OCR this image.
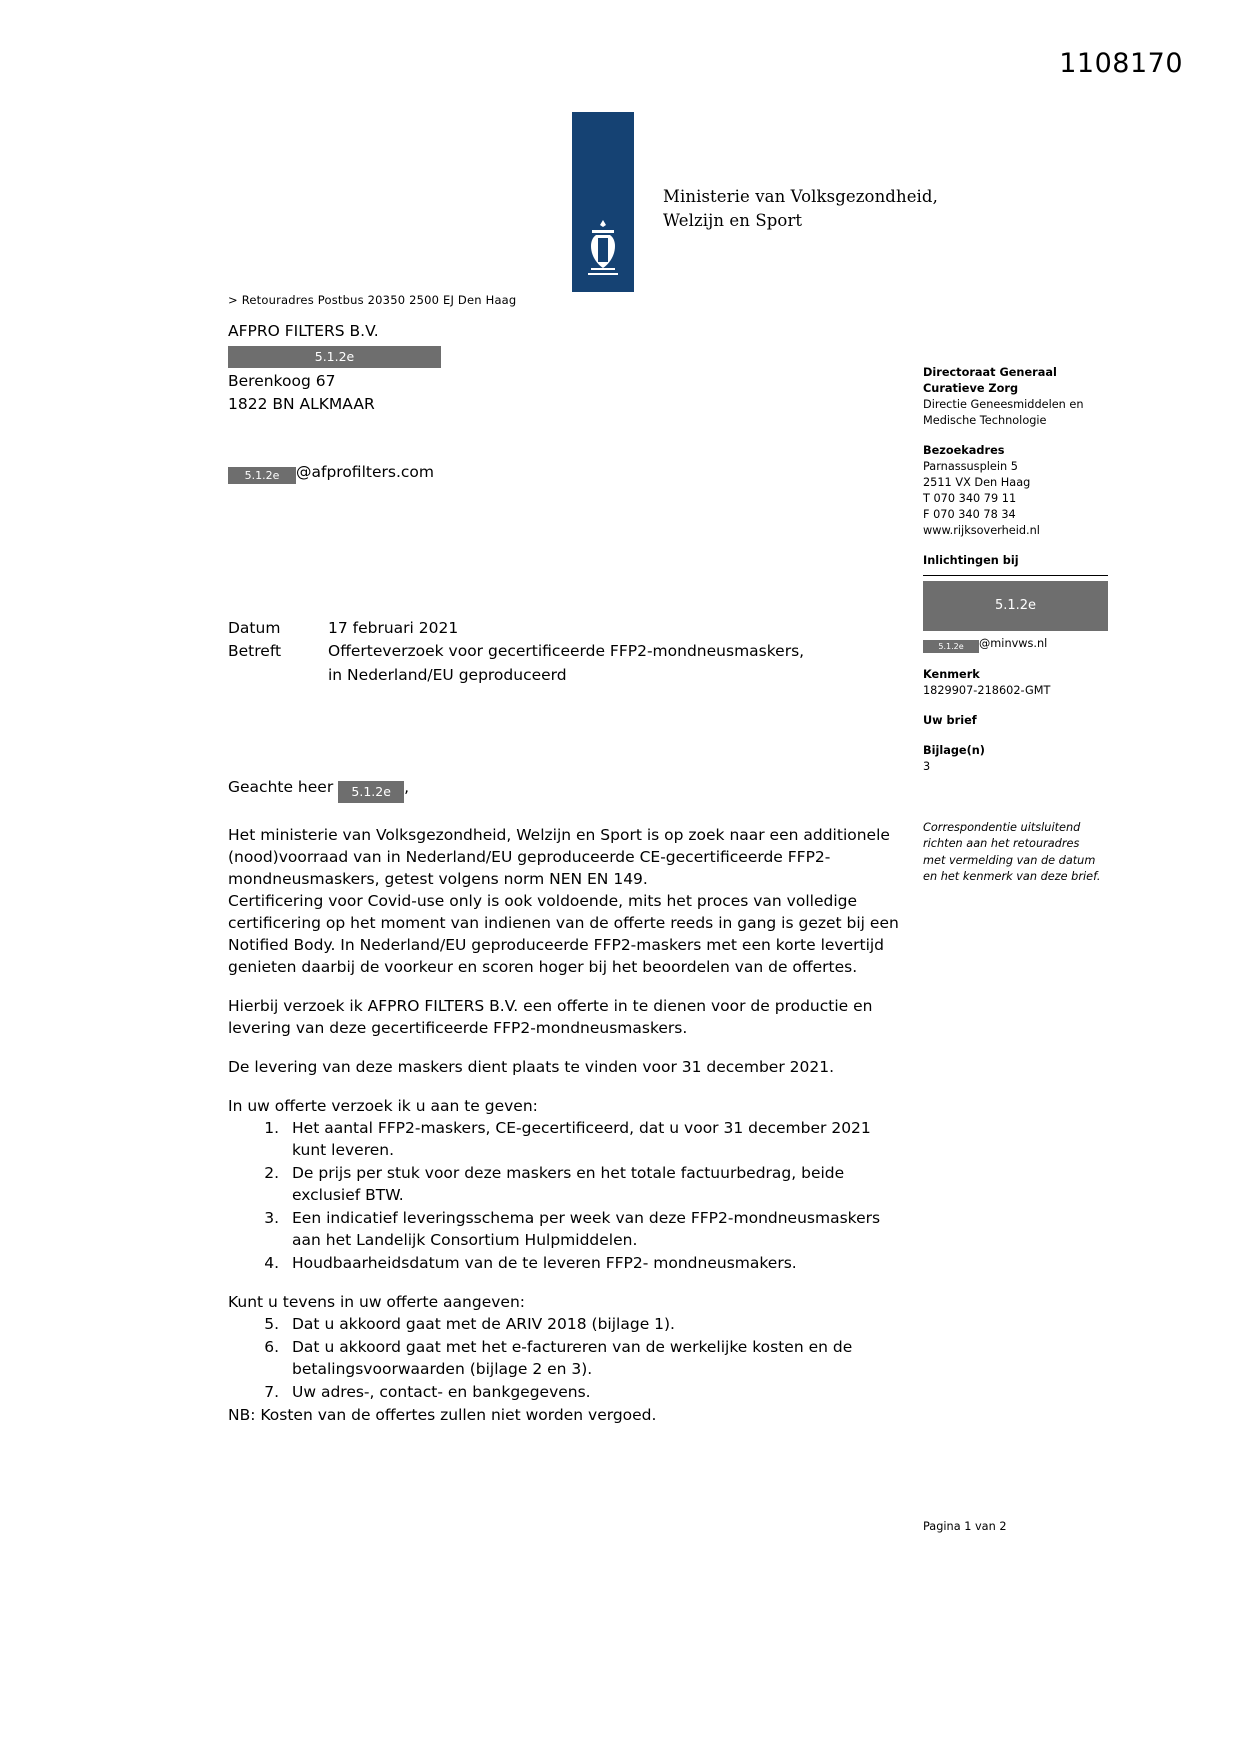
1108170
Ministerie van Volksgezondheid,
Welzijn en Sport
> Retouradres Postbus 20350 2500 EJ Den Haag
AFPRO FILTERS B.V.
5.1.2e
Berenkoog 67
1822 BN ALKMAAR
5.1.2e @afprofilters.com
Directoraat Generaal
Curatieve Zorg
Directie Geneesmiddelen en
Medische Technologie
Bezoekadres
Parnassusplein 5
2511 VX Den Haag
T 070 340 79 11
F 070 340 78 34
www.rijksoverheid.nl
Inlichtingen bij
5.1.2e
5.1.2e @minvws.nl
Kenmerk
1829907-218602-GMT
Uw brief
Bijlage(n)
3
Correspondentie uitsluitend richten aan het retouradres met vermelding van de datum en het kenmerk van deze brief.
Datum	17 februari 2021
Betreft	Offerteverzoek voor gecertificeerde FFP2-mondneusmaskers, in Nederland/EU geproduceerd
Geachte heer 5.1.2e ,

Het ministerie van Volksgezondheid, Welzijn en Sport is op zoek naar een additionele (nood)voorraad van in Nederland/EU geproduceerde CE-gecertificeerde FFP2-mondneusmaskers, getest volgens norm NEN EN 149.

Certificering voor Covid-use only is ook voldoende, mits het proces van volledige certificering op het moment van indienen van de offerte reeds in gang is gezet bij een Notified Body. In Nederland/EU geproduceerde FFP2-maskers met een korte levertijd genieten daarbij de voorkeur en scoren hoger bij het beoordelen van de offertes.

Hierbij verzoek ik AFPRO FILTERS B.V. een offerte in te dienen voor de productie en levering van deze gecertificeerde FFP2-mondneusmaskers.

De levering van deze maskers dient plaats te vinden voor 31 december 2021.

In uw offerte verzoek ik u aan te geven:

1. Het aantal FFP2-maskers, CE-gecertificeerd, dat u voor 31 december 2021 kunt leveren.
2. De prijs per stuk voor deze maskers en het totale factuurbedrag, beide exclusief BTW.
3. Een indicatief leveringsschema per week van deze FFP2-mondneusmaskers aan het Landelijk Consortium Hulpmiddelen.
4. Houdbaarheidsdatum van de te leveren FFP2- mondneusmakers.

Kunt u tevens in uw offerte aangeven:

5. Dat u akkoord gaat met de ARIV 2018 (bijlage 1).
6. Dat u akkoord gaat met het e-factureren van de werkelijke kosten en de betalingsvoorwaarden (bijlage 2 en 3).
7. Uw adres-, contact- en bankgegevens.

NB: Kosten van de offertes zullen niet worden vergoed.

Pagina 1 van 2
